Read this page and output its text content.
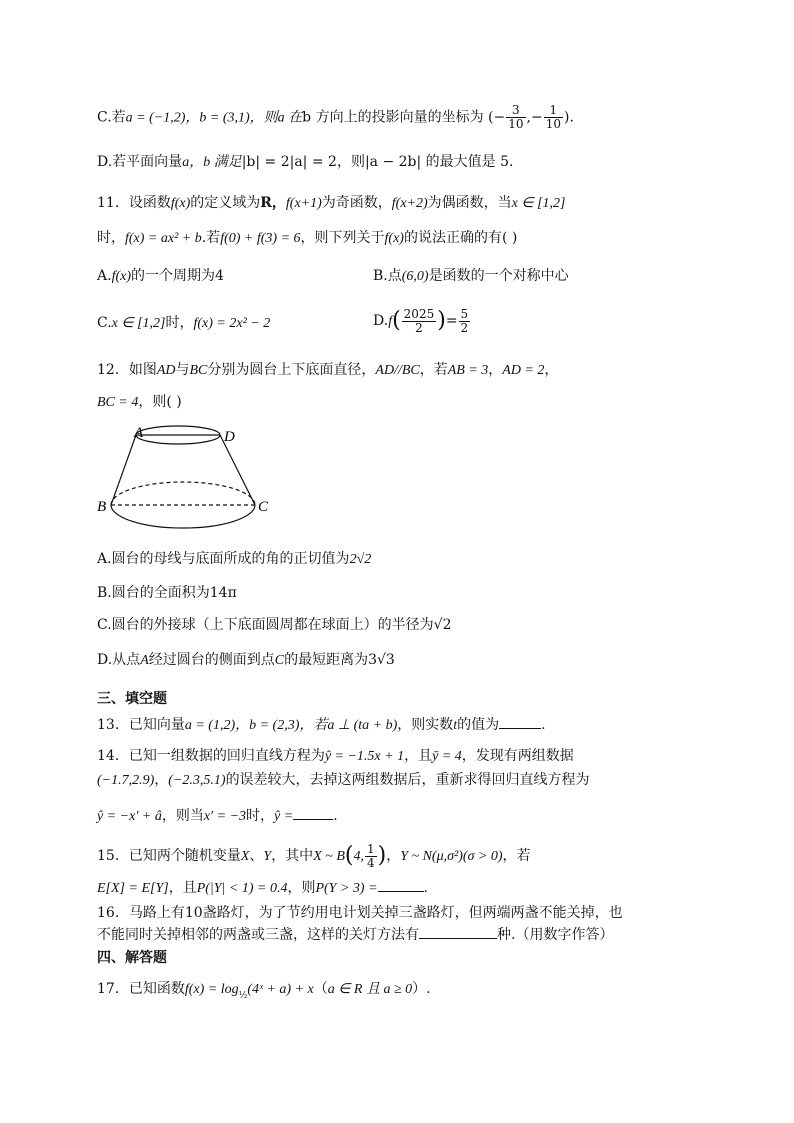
C.若a = (−1,2)，b = (3,1)，则a 在b 方向上的投影向量的坐标为 (− $\frac{3}{10}$ ,− $\frac{1}{10}$ ).
D.若平面向量a，b 满足|b| = 2|a| = 2，则|a − 2b| 的最大值是 5.
11．设函数f(x)的定义域为R，f(x+1)为奇函数，f(x+2)为偶函数，当x ∈ [1,2]
时，f(x) = ax² + b.若f(0) + f(3) = 6，则下列关于f(x)的说法正确的有( )
A.f(x)的一个周期为4	B.点(6,0)是函数的一个对称中心
C.x ∈ [1,2]时，f(x) = 2x² − 2	$D.f( \frac{2025}{2}$ )= $\frac{5}{2}$
12．如图AD与BC分别为圆台上下底面直径，AD//BC，若AB = 3，AD = 2，
BC = 4，则( )
A	D
B	C
A.圆台的母线与底面所成的角的正切值为2√2
B.圆台的全面积为14π
C.圆台的外接球（上下底面圆周都在球面上）的半径为√2
D.从点A经过圆台的侧面到点C的最短距离为3√3
三、填空题
13．已知向量a = (1,2)，b = (2,3)，若a ⊥ (ta + b)，则实数t的值为	.
14．已知一组数据的回归直线方程为ŷ = −1.5x + 1，且ȳ = 4，发现有两组数据
(−1.7,2.9)，(−2.3,5.1)的误差较大，去掉这两组数据后，重新求得回归直线方程为
ŷ = −x′ + â，则当x′ = −3时，ŷ =	.
15．已知两个随机变量X、Y，其中X ~ B(4, $\frac{1}{4}$ )，Y ~ N(μ,σ²)(σ > 0)，若
E[X] = E[Y]，且P(|Y| < 1) = 0.4，则P(Y > 3) =	.
16．马路上有10盏路灯，为了节约用电计划关掉三盏路灯，但两端两盏不能关掉，也
不能同时关掉相邻的两盏或三盏，这样的关灯方法有	种.（用数字作答）
四、解答题
17．已知函数$f(x) = \log_{\frac{1}{2}}(4ˣ + a) + x(a$ ∈ R 且 a ≥ 0）.
